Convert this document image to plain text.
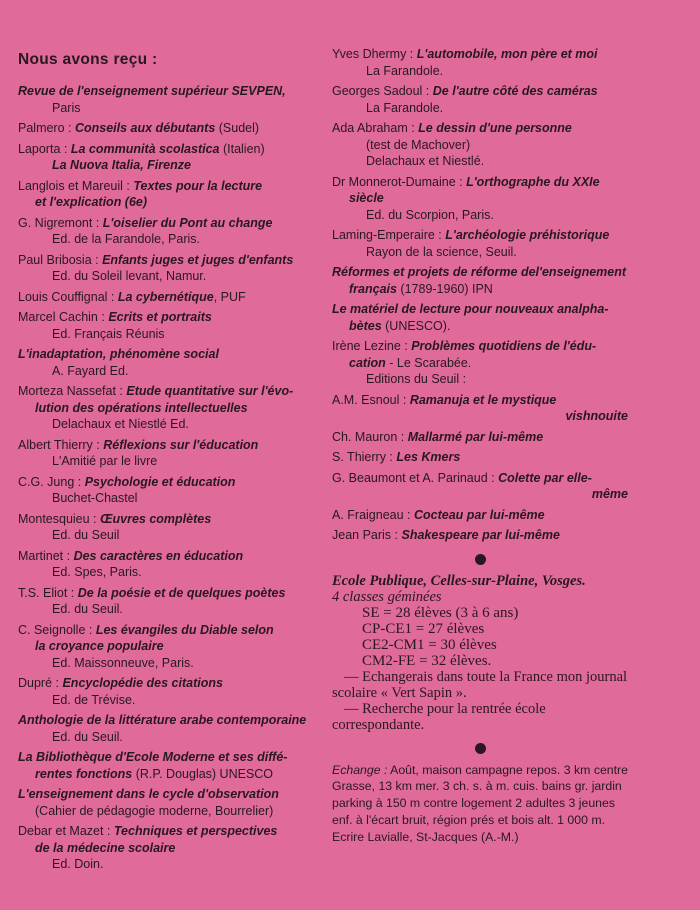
Nous avons reçu :
Revue de l'enseignement supérieur SEVPEN,
Paris
Palmero : Conseils aux débutants (Sudel)
Laporta : La communità scolastica (Italien)
La Nuova Italia, Firenze
Langlois et Mareuil : Textes pour la lecture
et l'explication (6e)
G. Nigremont : L'oiselier du Pont au change
Ed. de la Farandole, Paris.
Paul Bribosia : Enfants juges et juges d'enfants
Ed. du Soleil levant, Namur.
Louis Couffignal : La cybernétique, PUF
Marcel Cachin : Ecrits et portraits
Ed. Français Réunis
L'inadaptation, phénomène social
A. Fayard Ed.
Morteza Nassefat : Etude quantitative sur l'évo-
lution des opérations intellectuelles
Delachaux et Niestlé Ed.
Albert Thierry : Réflexions sur l'éducation
L'Amitié par le livre
C.G. Jung : Psychologie et éducation
Buchet-Chastel
Montesquieu : Œuvres complètes
Ed. du Seuil
Martinet : Des caractères en éducation
Ed. Spes, Paris.
T.S. Eliot : De la poésie et de quelques poètes
Ed. du Seuil.
C. Seignolle : Les évangiles du Diable selon
la croyance populaire
Ed. Maissonneuve, Paris.
Dupré : Encyclopédie des citations
Ed. de Trévise.
Anthologie de la littérature arabe contemporaine
Ed. du Seuil.
La Bibliothèque d'Ecole Moderne et ses diffé-
rentes fonctions (R.P. Douglas) UNESCO
L'enseignement dans le cycle d'observation
(Cahier de pédagogie moderne, Bourrelier)
Debar et Mazet : Techniques et perspectives
de la médecine scolaire
Ed. Doin.
Yves Dhermy : L'automobile, mon père et moi
La Farandole.
Georges Sadoul : De l'autre côté des caméras
La Farandole.
Ada Abraham : Le dessin d'une personne
(test de Machover)
Delachaux et Niestlé.
Dr Monnerot-Dumaine : L'orthographe du XXIe
siècle
Ed. du Scorpion, Paris.
Laming-Emperaire : L'archéologie préhistorique
Rayon de la science, Seuil.
Réformes et projets de réforme del'enseignement
français (1789-1960) IPN
Le matériel de lecture pour nouveaux analpha-
bètes (UNESCO).
Irène Lezine : Problèmes quotidiens de l'édu-
cation - Le Scarabée.
Editions du Seuil :
A.M. Esnoul : Ramanuja et le mystique
vishnouite
Ch. Mauron : Mallarmé par lui-même
S. Thierry : Les Kmers
G. Beaumont et A. Parinaud : Colette par elle-
même
A. Fraigneau : Cocteau par lui-même
Jean Paris : Shakespeare par lui-même
Ecole Publique, Celles-sur-Plaine, Vosges.
4 classes géminées
SE = 28 élèves (3 à 6 ans)
CP-CE1 = 27 élèves
CE2-CM1 = 30 élèves
CM2-FE = 32 élèves.
— Echangerais dans toute la France mon journal scolaire « Vert Sapin ».
— Recherche pour la rentrée école correspondante.
Echange : Août, maison campagne repos. 3 km centre Grasse, 13 km mer. 3 ch. s. à m. cuis. bains gr. jardin parking à 150 m contre logement 2 adultes 3 jeunes enf. à l'écart bruit, région prés et bois alt. 1 000 m. Ecrire Lavialle, St-Jacques (A.-M.)
